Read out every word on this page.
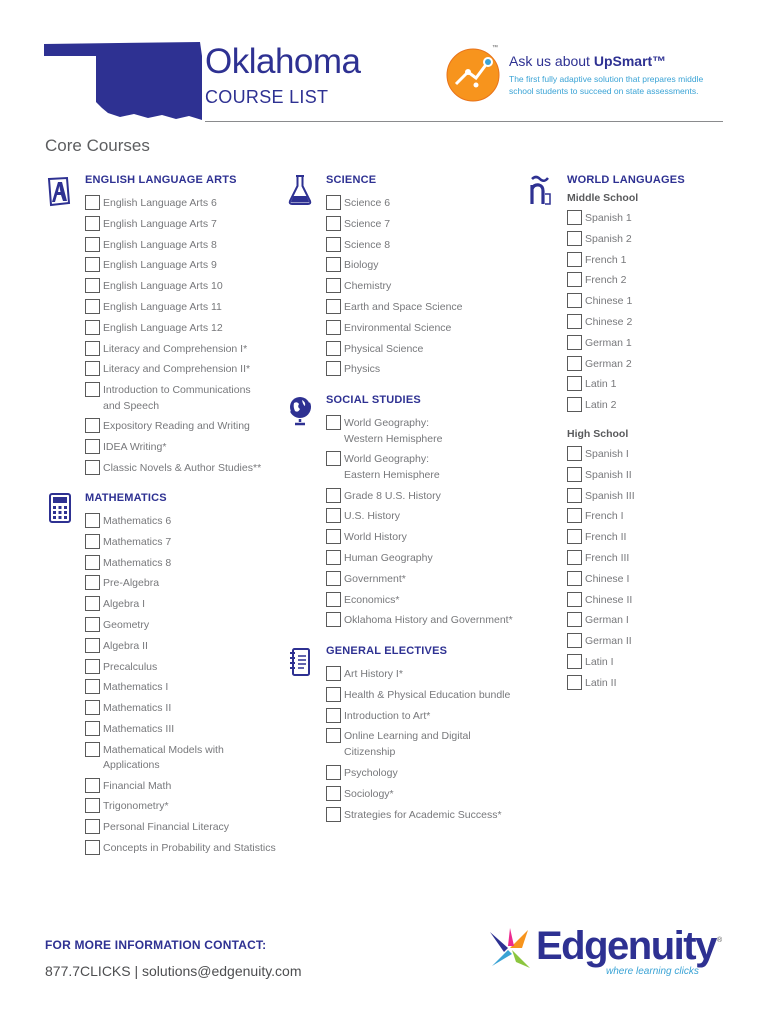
Oklahoma
COURSE LIST
™
Ask us about UpSmart™
The first fully adaptive solution that prepares middle school students to succeed on state assessments.
Core Courses
ENGLISH LANGUAGE ARTS
English Language Arts 6
English Language Arts 7
English Language Arts 8
English Language Arts 9
English Language Arts 10
English Language Arts 11
English Language Arts 12
Literacy and Comprehension I*
Literacy and Comprehension II*
Introduction to Communications
and Speech
Expository Reading and Writing
IDEA Writing*
Classic Novels & Author Studies**
MATHEMATICS
Mathematics 6
Mathematics 7
Mathematics 8
Pre-Algebra
Algebra I
Geometry
Algebra II
Precalculus
Mathematics I
Mathematics II
Mathematics III
Mathematical Models with
Applications
Financial Math
Trigonometry*
Personal Financial Literacy
Concepts in Probability and Statistics
SCIENCE
Science 6
Science 7
Science 8
Biology
Chemistry
Earth and Space Science
Environmental Science
Physical Science
Physics
SOCIAL STUDIES
World Geography:
Western Hemisphere
World Geography:
Eastern Hemisphere
Grade 8 U.S. History
U.S. History
World History
Human Geography
Government*
Economics*
Oklahoma History and Government*
GENERAL ELECTIVES
Art History I*
Health & Physical Education bundle
Introduction to Art*
Online Learning and Digital
Citizenship
Psychology
Sociology*
Strategies for Academic Success*
WORLD LANGUAGES
Middle School
Spanish 1
Spanish 2
French 1
French 2
Chinese 1
Chinese 2
German 1
German 2
Latin 1
Latin 2
High School
Spanish I
Spanish II
Spanish III
French I
French II
French III
Chinese I
Chinese II
German I
German II
Latin I
Latin II
FOR MORE INFORMATION CONTACT:
877.7CLICKS | solutions@edgenuity.com
Edgenuity ®
where learning clicks
